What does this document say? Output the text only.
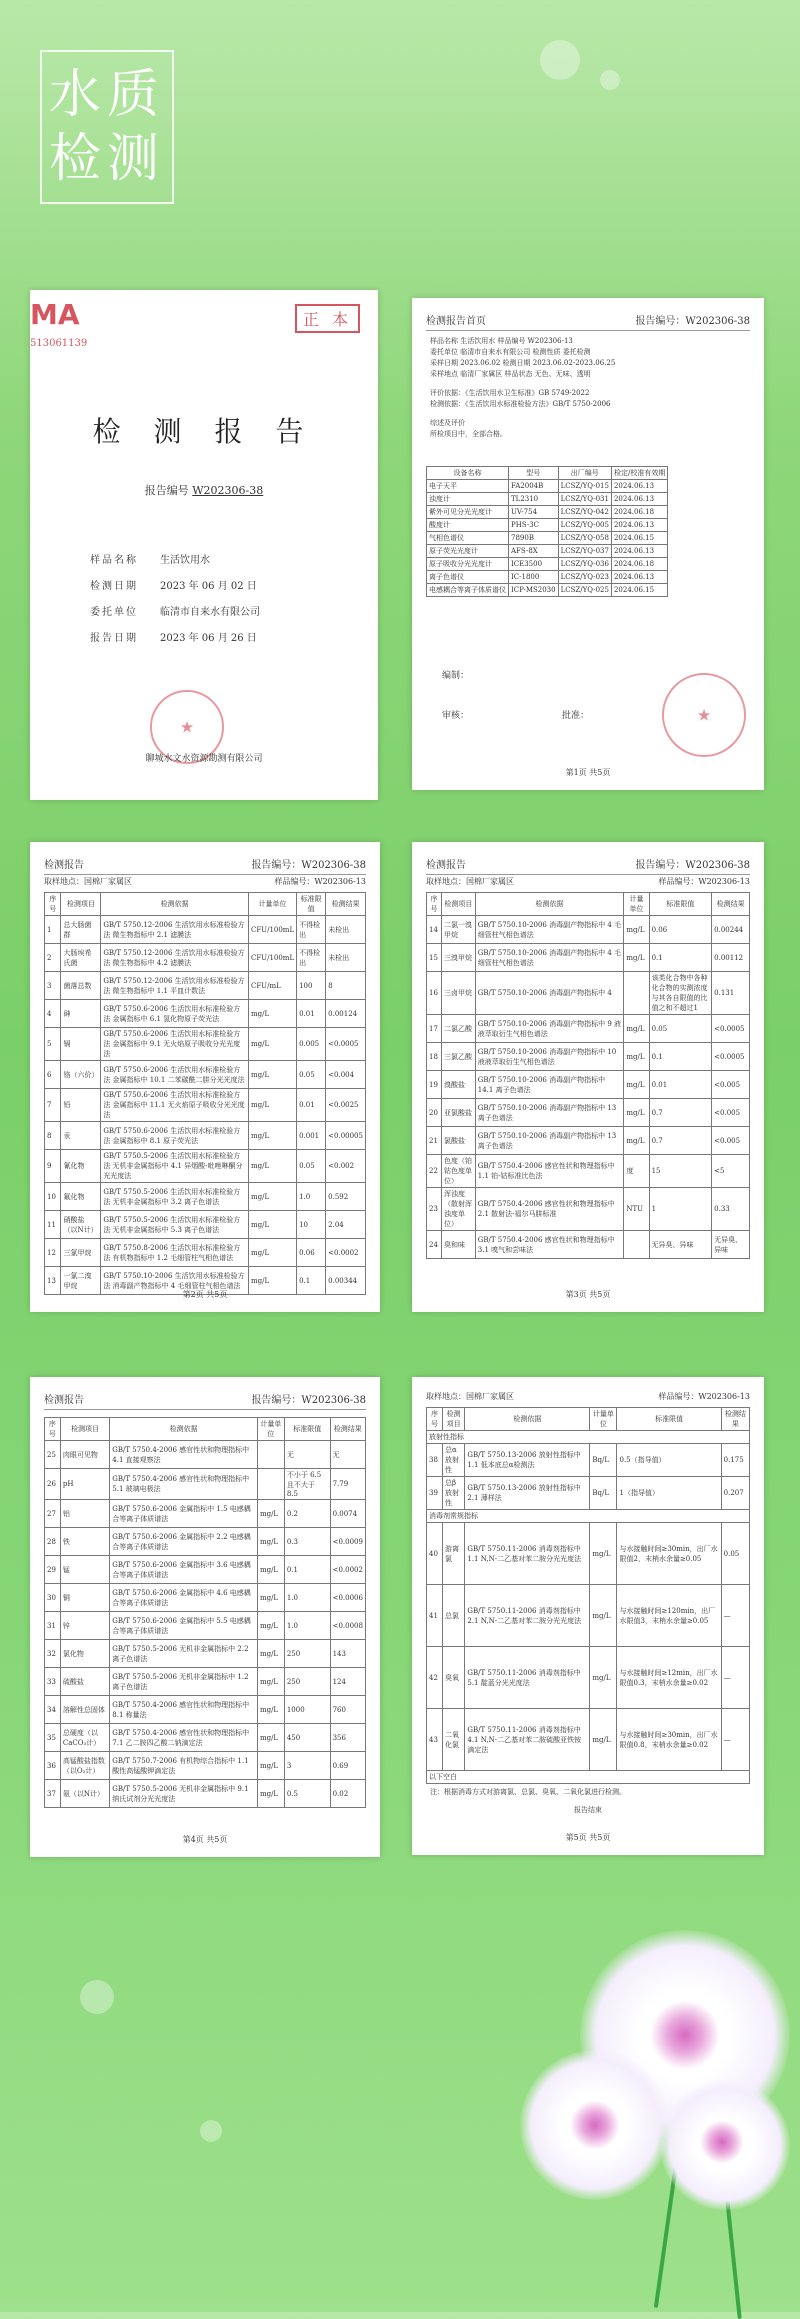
水质
检测
MA
513061139
正 本
检 测 报 告
报告编号 W202306-38
样品名称	生活饮用水
检测日期	2023 年 06 月 02 日
委托单位	临清市自来水有限公司
报告日期	2023 年 06 月 26 日
★
聊城水文水资源勘测有限公司
检测报告首页	报告编号：W202306-38
样品名称 生活饮用水 样品编号 W202306-13
委托单位 临清市自来水有限公司 检测性质 委托检测
采样日期 2023.06.02 检测日期 2023.06.02-2023.06.25
采样地点 临清厂家属区 样品状态 无色、无味、透明
评价依据：《生活饮用水卫生标准》GB 5749-2022
检测依据：《生活饮用水标准检验方法》GB/T 5750-2006
综述及评价
所检项目中，全部合格。
设备名称	型号	出厂编号	检定/校准有效期
电子天平	FA2004B	LCSZ/YQ-015	2024.06.13
浊度计	TL2310	LCSZ/YQ-031	2024.06.13
紫外可见分光光度计	UV-754	LCSZ/YQ-042	2024.06.18
酸度计	PHS-3C	LCSZ/YQ-005	2024.06.13
气相色谱仪	7890B	LCSZ/YQ-058	2024.06.15
原子荧光光度计	AFS-8X	LCSZ/YQ-037	2024.06.13
原子吸收分光光度计	ICE3500	LCSZ/YQ-036	2024.06.18
离子色谱仪	IC-1800	LCSZ/YQ-023	2024.06.13
电感耦合等离子体质谱仪	ICP-MS2030	LCSZ/YQ-025	2024.06.15
编制：
审核：	批准：
★
第1页 共5页
检测报告	报告编号：W202306-38
取样地点：国棉厂家属区	样品编号：W202306-13
序号	检测项目	检测依据	计量单位	标准限值	检测结果
1	总大肠菌群	GB/T 5750.12-2006 生活饮用水标准检验方法 微生物指标中 2.1 滤膜法	CFU/100mL	不得检出	未检出
2	大肠埃希氏菌	GB/T 5750.12-2006 生活饮用水标准检验方法 微生物指标中 4.2 滤膜法	CFU/100mL	不得检出	未检出
3	菌落总数	GB/T 5750.12-2006 生活饮用水标准检验方法 微生物指标中 1.1 平皿计数法	CFU/mL	100	8
4	砷	GB/T 5750.6-2006 生活饮用水标准检验方法 金属指标中 6.1 氢化物原子荧光法	mg/L	0.01	0.00124
5	镉	GB/T 5750.6-2006 生活饮用水标准检验方法 金属指标中 9.1 无火焰原子吸收分光光度法	mg/L	0.005	<0.0005
6	铬（六价）	GB/T 5750.6-2006 生活饮用水标准检验方法 金属指标中 10.1 二苯碳酰二肼分光光度法	mg/L	0.05	<0.004
7	铅	GB/T 5750.6-2006 生活饮用水标准检验方法 金属指标中 11.1 无火焰原子吸收分光光度法	mg/L	0.01	<0.0025
8	汞	GB/T 5750.6-2006 生活饮用水标准检验方法 金属指标中 8.1 原子荧光法	mg/L	0.001	<0.00005
9	氰化物	GB/T 5750.5-2006 生活饮用水标准检验方法 无机非金属指标中 4.1 异烟酸-吡唑啉酮分光光度法	mg/L	0.05	<0.002
10	氟化物	GB/T 5750.5-2006 生活饮用水标准检验方法 无机非金属指标中 3.2 离子色谱法	mg/L	1.0	0.592
11	硝酸盐（以N计）	GB/T 5750.5-2006 生活饮用水标准检验方法 无机非金属指标中 5.3 离子色谱法	mg/L	10	2.04
12	三氯甲烷	GB/T 5750.8-2006 生活饮用水标准检验方法 有机物指标中 1.2 毛细管柱气相色谱法	mg/L	0.06	<0.0002
13	一氯二溴甲烷	GB/T 5750.10-2006 生活饮用水标准检验方法 消毒副产物指标中 4 毛细管柱气相色谱法	mg/L	0.1	0.00344
第2页 共5页
检测报告	报告编号：W202306-38
取样地点：国棉厂家属区	样品编号：W202306-13
序号	检测项目	检测依据	计量单位	标准限值	检测结果
14	二氯一溴甲烷	GB/T 5750.10-2006 消毒副产物指标中 4 毛细管柱气相色谱法	mg/L	0.06	0.00244
15	三溴甲烷	GB/T 5750.10-2006 消毒副产物指标中 4 毛细管柱气相色谱法	mg/L	0.1	0.00112
16	三卤甲烷	GB/T 5750.10-2006 消毒副产物指标中 4		该类化合物中各种化合物的实测浓度与其各自限值的比值之和不超过1	0.131
17	二氯乙酸	GB/T 5750.10-2006 消毒副产物指标中 9 液液萃取衍生气相色谱法	mg/L	0.05	<0.0005
18	三氯乙酸	GB/T 5750.10-2006 消毒副产物指标中 10 液液萃取衍生气相色谱法	mg/L	0.1	<0.0005
19	溴酸盐	GB/T 5750.10-2006 消毒副产物指标中 14.1 离子色谱法	mg/L	0.01	<0.005
20	亚氯酸盐	GB/T 5750.10-2006 消毒副产物指标中 13 离子色谱法	mg/L	0.7	<0.005
21	氯酸盐	GB/T 5750.10-2006 消毒副产物指标中 13 离子色谱法	mg/L	0.7	<0.005
22	色度（铂钴色度单位）	GB/T 5750.4-2006 感官性状和物理指标中 1.1 铂-钴标准比色法	度	15	<5
23	浑浊度（散射浑浊度单位）	GB/T 5750.4-2006 感官性状和物理指标中 2.1 散射法-福尔马肼标准	NTU	1	0.33
24	臭和味	GB/T 5750.4-2006 感官性状和物理指标中 3.1 嗅气和尝味法		无异臭、异味	无异臭、异味
第3页 共5页
检测报告	报告编号：W202306-38
序号	检测项目	检测依据	计量单位	标准限值	检测结果
25	肉眼可见物	GB/T 5750.4-2006 感官性状和物理指标中 4.1 直接观察法		无	无
26	pH	GB/T 5750.4-2006 感官性状和物理指标中 5.1 玻璃电极法		不小于 6.5 且不大于 8.5	7.79
27	铝	GB/T 5750.6-2006 金属指标中 1.5 电感耦合等离子体质谱法	mg/L	0.2	0.0074
28	铁	GB/T 5750.6-2006 金属指标中 2.2 电感耦合等离子体质谱法	mg/L	0.3	<0.0009
29	锰	GB/T 5750.6-2006 金属指标中 3.6 电感耦合等离子体质谱法	mg/L	0.1	<0.0002
30	铜	GB/T 5750.6-2006 金属指标中 4.6 电感耦合等离子体质谱法	mg/L	1.0	<0.0006
31	锌	GB/T 5750.6-2006 金属指标中 5.5 电感耦合等离子体质谱法	mg/L	1.0	<0.0008
32	氯化物	GB/T 5750.5-2006 无机非金属指标中 2.2 离子色谱法	mg/L	250	143
33	硫酸盐	GB/T 5750.5-2006 无机非金属指标中 1.2 离子色谱法	mg/L	250	124
34	溶解性总固体	GB/T 5750.4-2006 感官性状和物理指标中 8.1 称量法	mg/L	1000	760
35	总硬度（以CaCO₃计）	GB/T 5750.4-2006 感官性状和物理指标中 7.1 乙二胺四乙酸二钠滴定法	mg/L	450	356
36	高锰酸盐指数（以O₂计）	GB/T 5750.7-2006 有机物综合指标中 1.1 酸性高锰酸钾滴定法	mg/L	3	0.69
37	氨（以N计）	GB/T 5750.5-2006 无机非金属指标中 9.1 纳氏试剂分光光度法	mg/L	0.5	0.02
第4页 共5页
取样地点：国棉厂家属区	样品编号：W202306-13
序号	检测项目	检测依据	计量单位	标准限值	检测结果
放射性指标					
38	总α放射性	GB/T 5750.13-2006 放射性指标中 1.1 低本底总α检测法	Bq/L	0.5（指导值）	0.175
39	总β放射性	GB/T 5750.13-2006 放射性指标中 2.1 薄样法	Bq/L	1（指导值）	0.207
消毒剂常规指标					
40	游离氯	GB/T 5750.11-2006 消毒剂指标中 1.1 N,N-二乙基对苯二胺分光光度法	mg/L	与水接触时间≥30min，出厂水限值2，末梢水余量≥0.05	0.05
41	总氯	GB/T 5750.11-2006 消毒剂指标中 2.1 N,N-二乙基对苯二胺分光光度法	mg/L	与水接触时间≥120min，出厂水限值3，末梢水余量≥0.05	—
42	臭氧	GB/T 5750.11-2006 消毒剂指标中 5.1 靛蓝分光光度法	mg/L	与水接触时间≥12min，出厂水限值0.3，末梢水余量≥0.02	—
43	二氧化氯	GB/T 5750.11-2006 消毒剂指标中 4.1 N,N-二乙基对苯二胺硫酸亚铁铵滴定法	mg/L	与水接触时间≥30min，出厂水限值0.8，末梢水余量≥0.02	—
以下空白					
注：根据消毒方式对游离氯、总氯、臭氧、二氧化氯进行检测。
报告结束
第5页 共5页
